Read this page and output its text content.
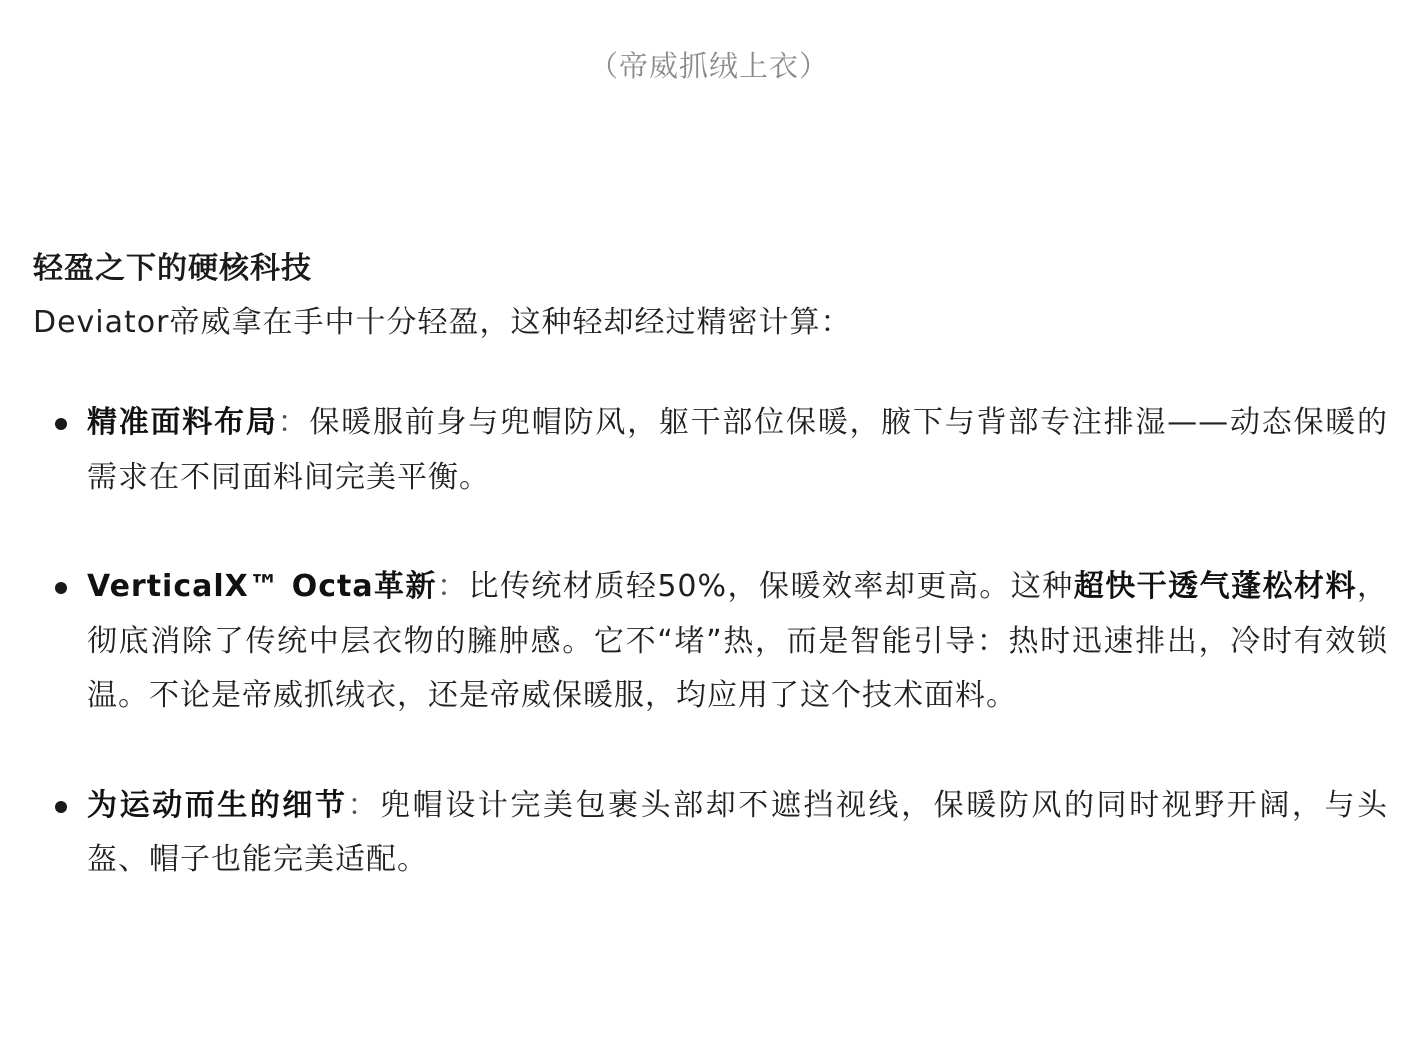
（帝威抓绒上衣）
轻盈之下的硬核科技

Deviator帝威拿在手中十分轻盈，这种轻却经过精密计算：

精准面料布局：保暖服前身与兜帽防风，躯干部位保暖，腋下与背部专注排湿——动态保暖的需求在不同面料间完美平衡。
VerticalX™ Octa革新：比传统材质轻50%，保暖效率却更高。这种超快干透气蓬松材料，彻底消除了传统中层衣物的臃肿感。它不“堵”热，而是智能引导：热时迅速排出，冷时有效锁温。不论是帝威抓绒衣，还是帝威保暖服，均应用了这个技术面料。
为运动而生的细节：兜帽设计完美包裹头部却不遮挡视线，保暖防风的同时视野开阔，与头盔、帽子也能完美适配。
